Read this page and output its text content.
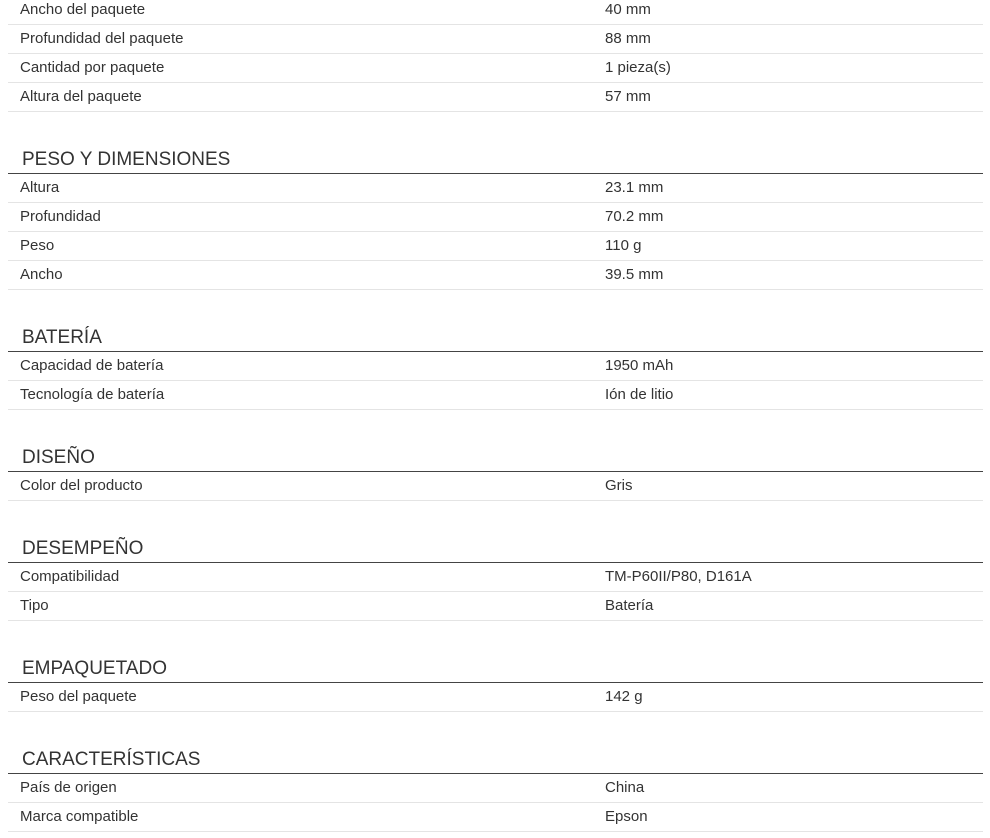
Ancho del paquete	40 mm
Profundidad del paquete	88 mm
Cantidad por paquete	1 pieza(s)
Altura del paquete	57 mm
PESO Y DIMENSIONES
Altura	23.1 mm
Profundidad	70.2 mm
Peso	110 g
Ancho	39.5 mm
BATERÍA
Capacidad de batería	1950 mAh
Tecnología de batería	Ión de litio
DISEÑO
Color del producto	Gris
DESEMPEÑO
Compatibilidad	TM-P60II/P80, D161A
Tipo	Batería
EMPAQUETADO
Peso del paquete	142 g
CARACTERÍSTICAS
País de origen	China
Marca compatible	Epson
